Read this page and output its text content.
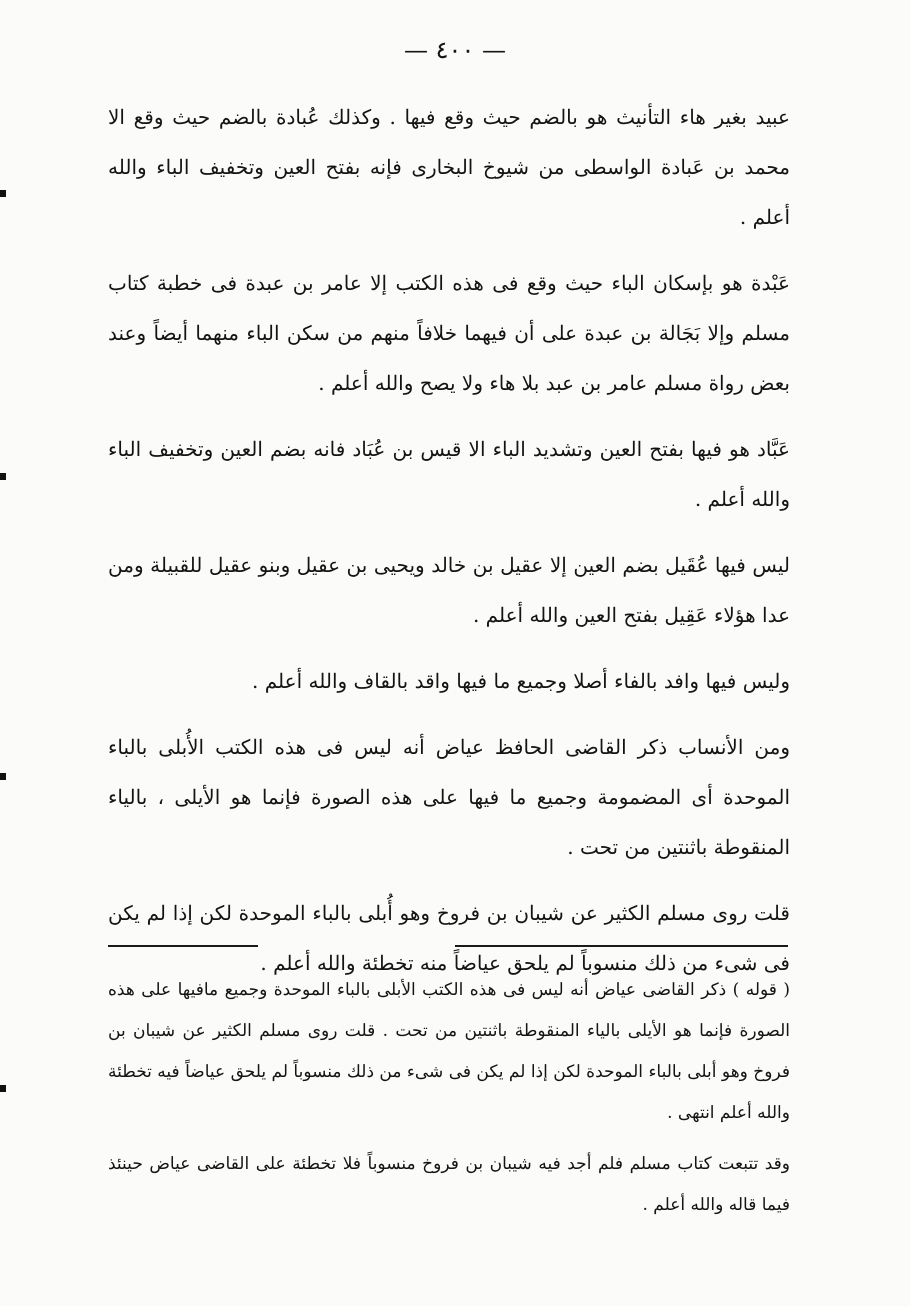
— ٤٠٠ —

عبيد بغير هاء التأنيث هو بالضم حيث وقع فيها . وكذلك عُبادة بالضم حيث وقع الا محمد بن عَبادة الواسطى من شيوخ البخارى فإنه بفتح العين وتخفيف الباء والله أعلم .

عَبْدة هو بإسكان الباء حيث وقع فى هذه الكتب إلا عامر بن عبدة فى خطبة كتاب مسلم وإلا بَجَالة بن عبدة على أن فيهما خلافاً منهم من سكن الباء منهما أيضاً وعند بعض رواة مسلم عامر بن عبد بلا هاء ولا يصح والله أعلم .

عَبَّاد هو فيها بفتح العين وتشديد الباء الا قيس بن عُبَاد فانه بضم العين وتخفيف الباء والله أعلم .

ليس فيها عُقَيل بضم العين إلا عقيل بن خالد ويحيى بن عقيل وبنو عقيل للقبيلة ومن عدا هؤلاء عَقِيل بفتح العين والله أعلم .

وليس فيها وافد بالفاء أصلا وجميع ما فيها واقد بالقاف والله أعلم .

ومن الأنساب ذكر القاضى الحافظ عياض أنه ليس فى هذه الكتب الأُبلى بالباء الموحدة أى المضمومة وجميع ما فيها على هذه الصورة فإنما هو الأيلى ، بالياء المنقوطة باثنتين من تحت .

قلت روى مسلم الكثير عن شيبان بن فروخ وهو أُبلى بالباء الموحدة لكن إذا لم يكن فى شىء من ذلك منسوباً لم يلحق عياضاً منه تخطئة والله أعلم .

( قوله ) ذكر القاضى عياض أنه ليس فى هذه الكتب الأبلى بالباء الموحدة وجميع مافيها على هذه الصورة فإنما هو الأيلى بالياء المنقوطة باثنتين من تحت . قلت روى مسلم الكثير عن شيبان بن فروخ وهو أبلى بالباء الموحدة لكن إذا لم يكن فى شىء من ذلك منسوباً لم يلحق عياضاً فيه تخطئة والله أعلم انتهى .

وقد تتبعت كتاب مسلم فلم أجد فيه شيبان بن فروخ منسوباً فلا تخطئة على القاضى عياض حينئذ فيما قاله والله أعلم .
